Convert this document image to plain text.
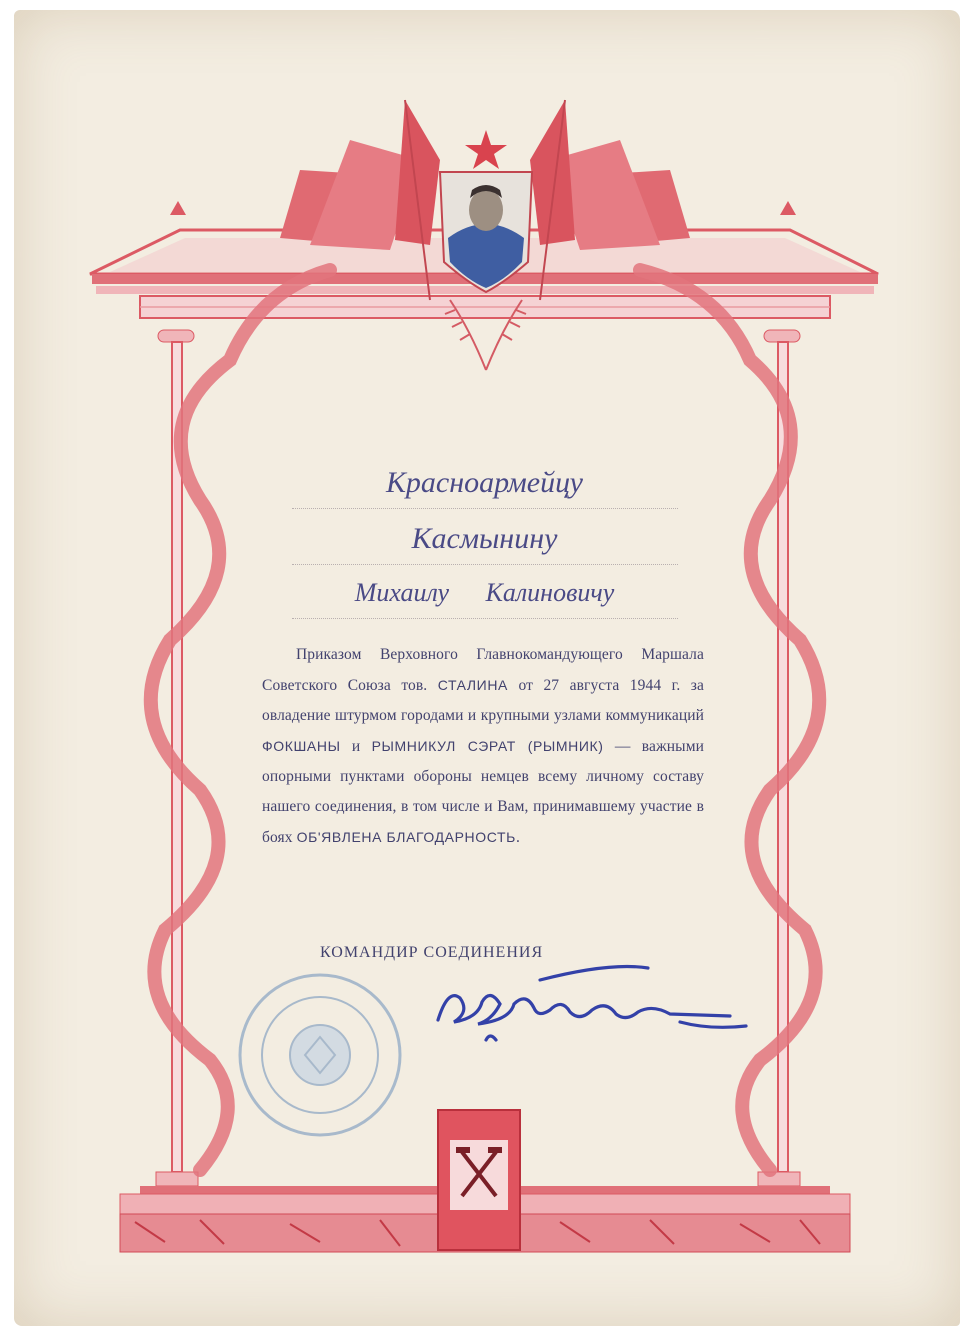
Красноармейцу
Касмынину
Михаилу Калиновичу
Приказом Верховного Главнокомандующего Маршала Советского Союза тов. СТАЛИНА от 27 августа 1944 г. за овладение штурмом городами и крупными узлами коммуникаций ФОКШАНЫ и РЫМНИКУЛ СЭРАТ (РЫМНИК) — важными опорными пунктами обороны немцев всему личному составу нашего соединения, в том числе и Вам, принимавшему участие в боях ОБ'ЯВЛЕНА БЛАГОДАРНОСТЬ.
КОМАНДИР СОЕДИНЕНИЯ
